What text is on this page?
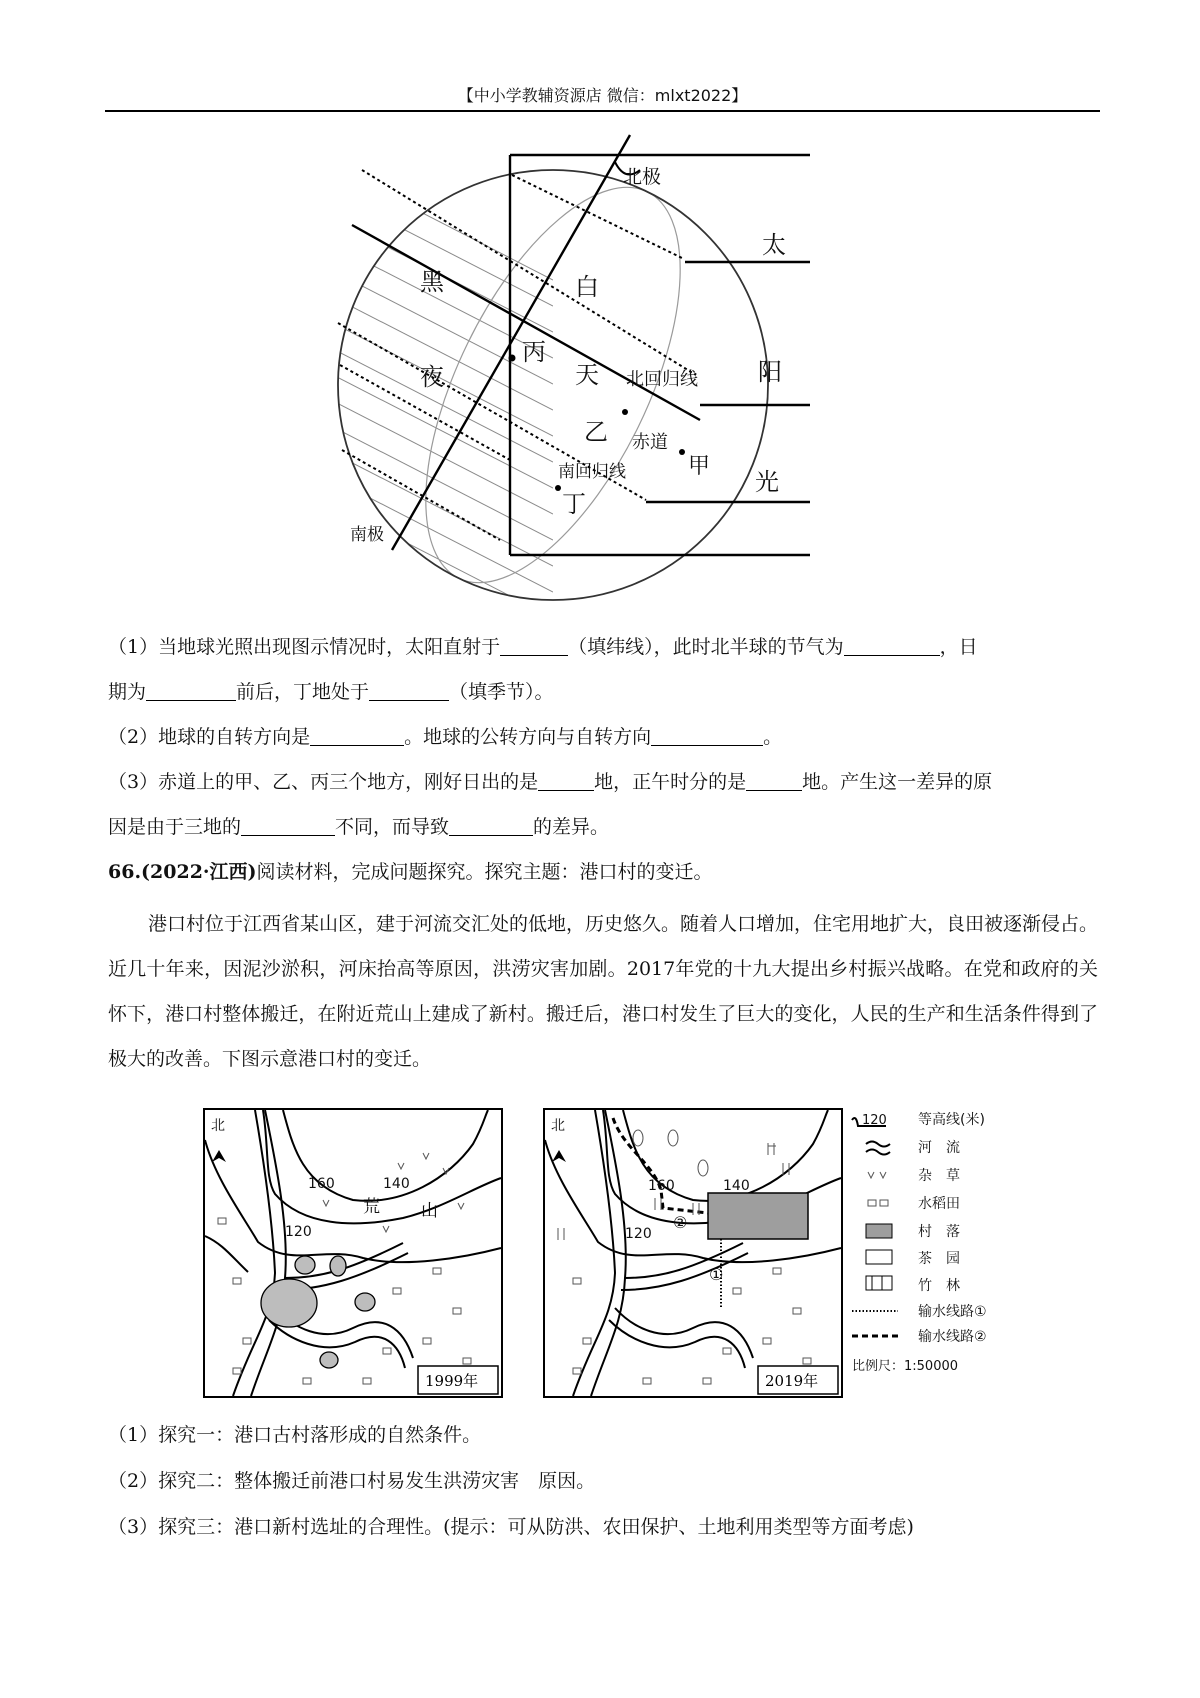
【中小学教辅资源店 微信：mlxt2022】
北极
南极
黑
夜
白
天
太
阳
光
丙
乙
甲
丁
北回归线
赤道
南回归线
（1）当地球光照出现图示情况时，太阳直射于	（填纬线），此时北半球的节气为	，日
期为	前后，丁地处于	（填季节）。
（2）地球的自转方向是	。地球的公转方向与自转方向	。
（3）赤道上的甲、乙、丙三个地方，刚好日出的是	地，正午时分的是	地。产生这一差异的原
因是由于三地的	不同，而导致	的差异。
66.(2022·江西)阅读材料，完成问题探究。探究主题：港口村的变迁。
港口村位于江西省某山区，建于河流交汇处的低地，历史悠久。随着人口增加，住宅用地扩大，良田被逐渐侵占。近几十年来，因泥沙淤积，河床抬高等原因，洪涝灾害加剧。2017年党的十九大提出乡村振兴战略。在党和政府的关怀下，港口村整体搬迁，在附近荒山上建成了新村。搬迁后，港口村发生了巨大的变化，人民的生产和生活条件得到了极大的改善。下图示意港口村的变迁。
北
160	140
120
荒 山
1999年
北
①
②
160	140
120
2019年
120 等高线(米)
河　流
杂　草
水稻田
村　落
茶　园
竹　林
输水线路①
输水线路②
比例尺：1:50000
（1）探究一：港口古村落形成的自然条件。
（2）探究二：整体搬迁前港口村易发生洪涝灾害　原因。
（3）探究三：港口新村选址的合理性。(提示：可从防洪、农田保护、土地利用类型等方面考虑)
